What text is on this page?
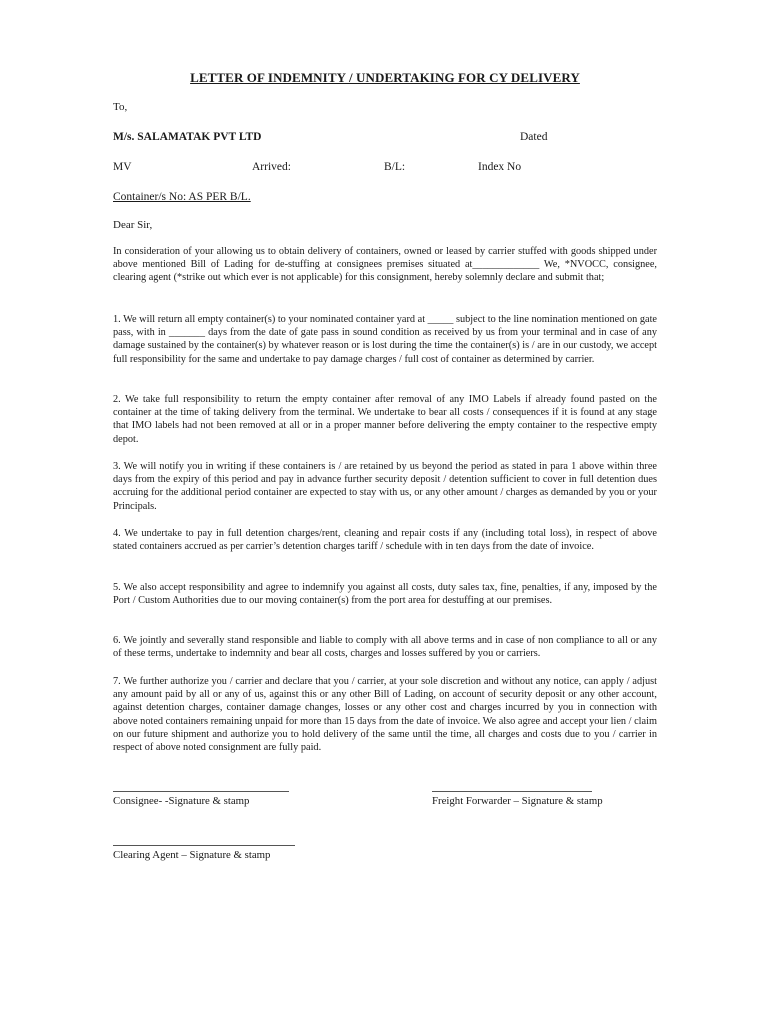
LETTER OF INDEMNITY / UNDERTAKING FOR CY DELIVERY
To,
M/s. SALAMATAK PVT LTD	Dated
MV	Arrived:	B/L:	Index No
Container/s No: AS PER B/L.
Dear Sir,
In consideration of your allowing us to obtain delivery of containers, owned or leased by carrier stuffed with goods shipped under above mentioned Bill of Lading for de-stuffing at consignees premises situated at_____________ We, *NVOCC, consignee, clearing agent (*strike out which ever is not applicable) for this consignment, hereby solemnly declare and submit that;
1. We will return all empty container(s) to your nominated container yard at _____ subject to the line nomination mentioned on gate pass, with in _______ days from the date of gate pass in sound condition as received by us from your terminal and in case of any damage sustained by the container(s) by whatever reason or is lost during the time the container(s) is / are in our custody, we accept full responsibility for the same and undertake to pay damage charges / full cost of container as determined by carrier.
2. We take full responsibility to return the empty container after removal of any IMO Labels if already found pasted on the container at the time of taking delivery from the terminal. We undertake to bear all costs / consequences if it is found at any stage that IMO labels had not been removed at all or in a proper manner before delivering the empty container to the respective empty depot.
3. We will notify you in writing if these containers is / are retained by us beyond the period as stated in para 1 above within three days from the expiry of this period and pay in advance further security deposit / detention sufficient to cover in full detention dues accruing for the additional period container are expected to stay with us, or any other amount / charges as demanded by you or your Principals.
4. We undertake to pay in full detention charges/rent, cleaning and repair costs if any (including total loss), in respect of above stated containers accrued as per carrier’s detention charges tariff / schedule with in ten days from the date of invoice.
5. We also accept responsibility and agree to indemnify you against all costs, duty sales tax, fine, penalties, if any, imposed by the Port / Custom Authorities due to our moving container(s) from the port area for destuffing at our premises.
6. We jointly and severally stand responsible and liable to comply with all above terms and in case of non compliance to all or any of these terms, undertake to indemnity and bear all costs, charges and losses suffered by you or carriers.
7. We further authorize you / carrier and declare that you / carrier, at your sole discretion and without any notice, can apply / adjust any amount paid by all or any of us, against this or any other Bill of Lading, on account of security deposit or any other account, against detention charges, container damage changes, losses or any other cost and charges incurred by you in connection with above noted containers remaining unpaid for more than 15 days from the date of invoice. We also agree and accept your lien / claim on our future shipment and authorize you to hold delivery of the same until the time, all charges and costs due to you / carrier in respect of above noted consignment are fully paid.
Consignee- -Signature & stamp	Freight Forwarder – Signature & stamp
Clearing Agent – Signature & stamp
